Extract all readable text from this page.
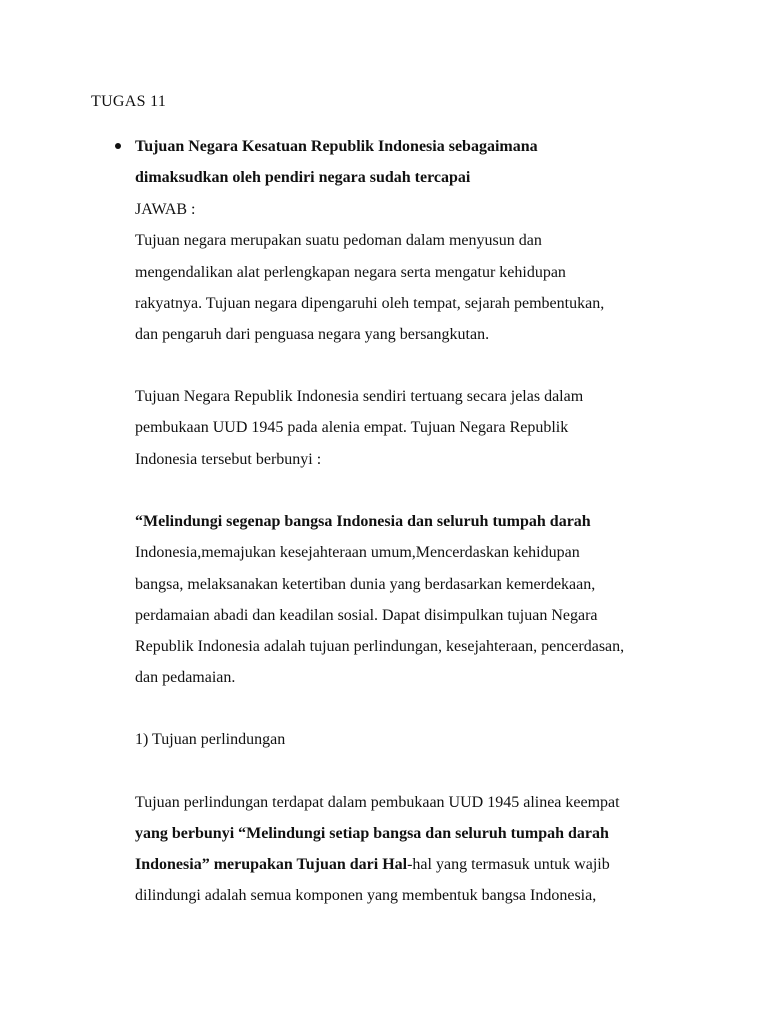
TUGAS 11
Tujuan Negara Kesatuan Republik Indonesia sebagaimana
dimaksudkan oleh pendiri negara sudah tercapai
JAWAB :
Tujuan negara merupakan suatu pedoman dalam menyusun dan
mengendalikan alat perlengkapan negara serta mengatur kehidupan
rakyatnya. Tujuan negara dipengaruhi oleh tempat, sejarah pembentukan,
dan pengaruh dari penguasa negara yang bersangkutan.
Tujuan Negara Republik Indonesia sendiri tertuang secara jelas dalam
pembukaan UUD 1945 pada alenia empat. Tujuan Negara Republik
Indonesia tersebut berbunyi :
“Melindungi segenap bangsa Indonesia dan seluruh tumpah darah
Indonesia,memajukan kesejahteraan umum,Mencerdaskan kehidupan
bangsa, melaksanakan ketertiban dunia yang berdasarkan kemerdekaan,
perdamaian abadi dan keadilan sosial. Dapat disimpulkan tujuan Negara
Republik Indonesia adalah tujuan perlindungan, kesejahteraan, pencerdasan,
dan pedamaian.
1) Tujuan perlindungan
Tujuan perlindungan terdapat dalam pembukaan UUD 1945 alinea keempat
yang berbunyi “Melindungi setiap bangsa dan seluruh tumpah darah
Indonesia” merupakan Tujuan dari Hal-hal yang termasuk untuk wajib
dilindungi adalah semua komponen yang membentuk bangsa Indonesia,
